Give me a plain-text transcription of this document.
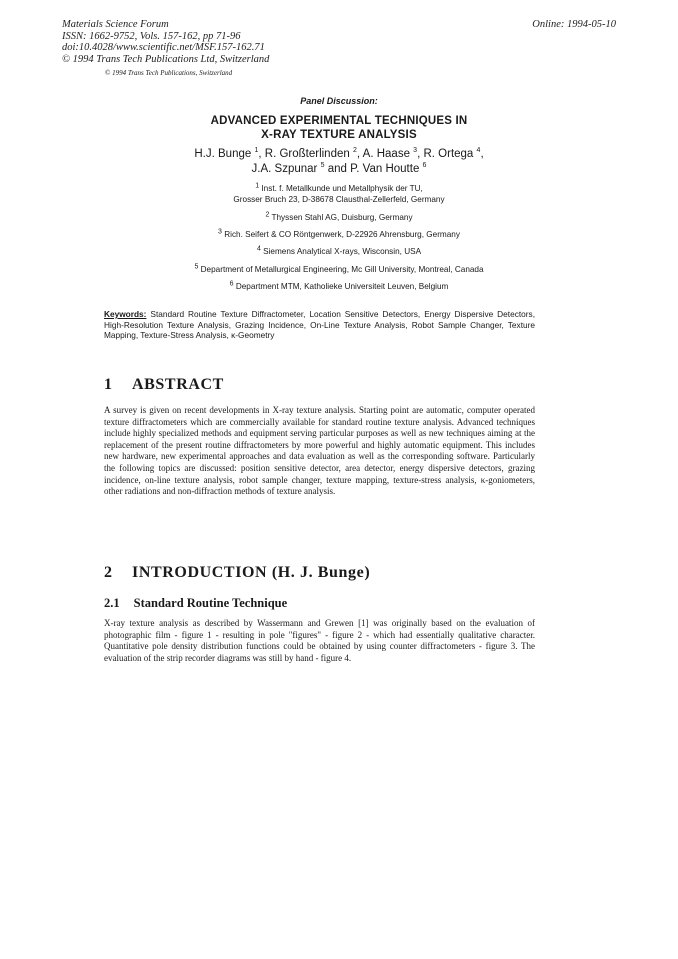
Materials Science Forum
ISSN: 1662-9752, Vols. 157-162, pp 71-96
doi:10.4028/www.scientific.net/MSF.157-162.71
© 1994 Trans Tech Publications Ltd, Switzerland
Online: 1994-05-10
© 1994 Trans Tech Publications, Switzerland
Panel Discussion:
ADVANCED EXPERIMENTAL TECHNIQUES IN
X-RAY TEXTURE ANALYSIS
H.J. Bunge $^1$, R. Großterlinden $^2$, A. Haase $^3$, R. Ortega $^4$,
J.A. Szpunar $^5$ and P. Van Houtte $^6$
$^1$ Inst. f. Metallkunde und Metallphysik der TU,
Grosser Bruch 23, D-38678 Clausthal-Zellerfeld, Germany
$^2$ Thyssen Stahl AG, Duisburg, Germany
$^3$ Rich. Seifert & CO Röntgenwerk, D-22926 Ahrensburg, Germany
$^4$ Siemens Analytical X-rays, Wisconsin, USA
$^5$ Department of Metallurgical Engineering, Mc Gill University, Montreal, Canada
$^6$ Department MTM, Katholieke Universiteit Leuven, Belgium
Keywords: Standard Routine Texture Diffractometer, Location Sensitive Detectors, Energy Dispersive Detectors, High-Resolution Texture Analysis, Grazing Incidence, On-Line Texture Analysis, Robot Sample Changer, Texture Mapping, Texture-Stress Analysis, κ-Geometry
1 ABSTRACT
A survey is given on recent developments in X-ray texture analysis. Starting point are automatic, computer operated texture diffractometers which are commercially available for standard routine texture analysis. Advanced techniques include highly specialized methods and equipment serving particular purposes as well as new techniques aiming at the replacement of the present routine diffractometers by more powerful and highly automatic equipment. This includes new hardware, new experimental approaches and data evaluation as well as the corresponding software. Particularly the following topics are discussed: position sensitive detector, area detector, energy dispersive detectors, grazing incidence, on-line texture analysis, robot sample changer, texture mapping, texture-stress analysis, κ-goniometers, other radiations and non-diffraction methods of texture analysis.
2 INTRODUCTION (H. J. Bunge)
2.1 Standard Routine Technique
X-ray texture analysis as described by Wassermann and Grewen [1] was originally based on the evaluation of photographic film - figure 1 - resulting in pole "figures" - figure 2 - which had essentially qualitative character. Quantitative pole density distribution functions could be obtained by using counter diffractometers - figure 3. The evaluation of the strip recorder diagrams was still by hand - figure 4.
